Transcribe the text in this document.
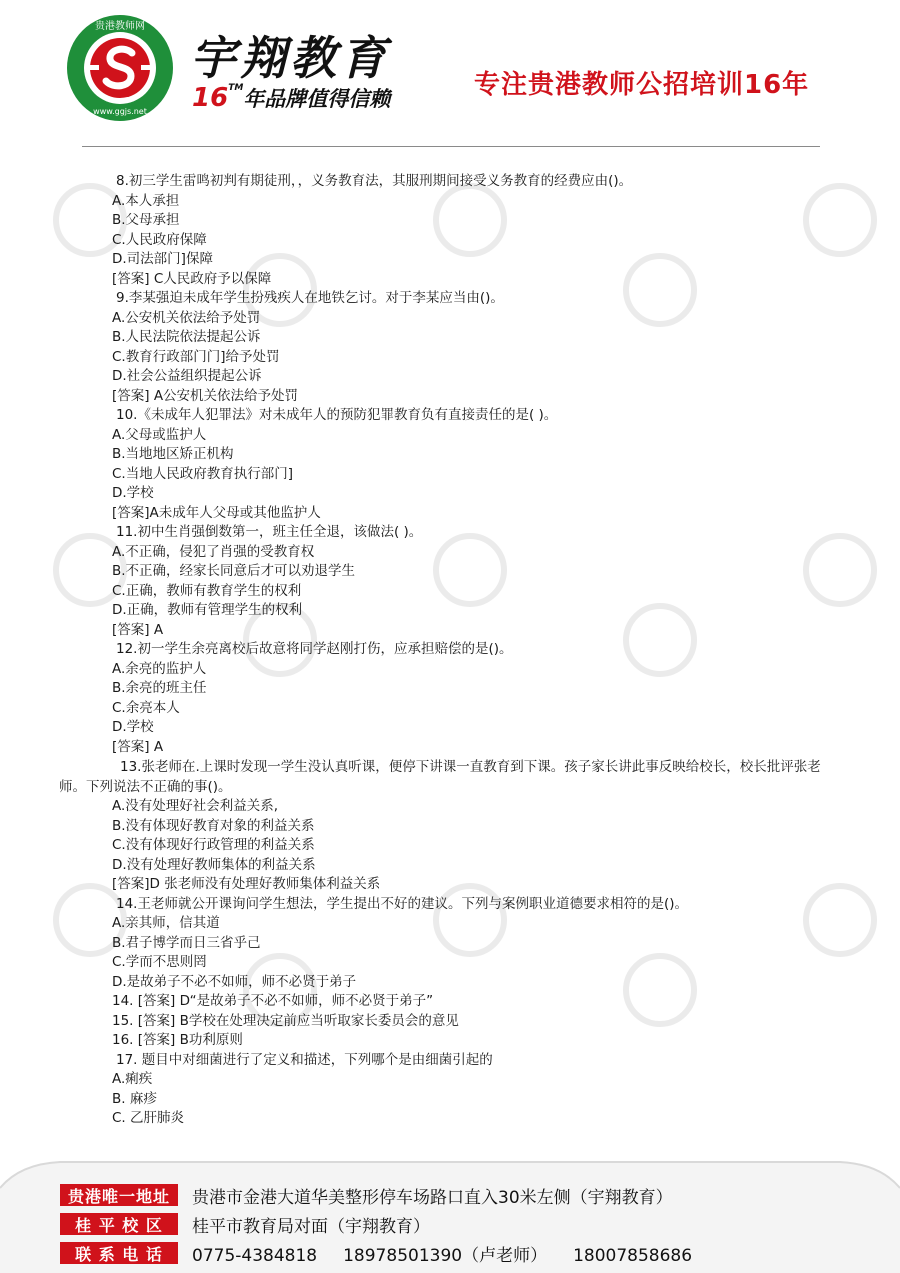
贵港教师网
www.ggjs.net
宇翔教育
16™年品牌值得信赖	专注贵港教师公招培训16年
8.初三学生雷鸣初判有期徒刑，，义务教育法，其服刑期间接受义务教育的经费应由()。
A.本人承担
B.父母承担
C.人民政府保障
D.司法部门]保障
[答案] C人民政府予以保障
9.李某强迫未成年学生扮残疾人在地铁乞讨。对于李某应当由()。
A.公安机关依法给予处罚
B.人民法院依法提起公诉
C.教育行政部门门]给予处罚
D.社会公益组织提起公诉
[答案] A公安机关依法给予处罚
10.《未成年人犯罪法》对未成年人的预防犯罪教育负有直接责任的是( )。
A.父母或监护人
B.当地地区矫正机构
C.当地人民政府教育执行部门]
D.学校
[答案]A未成年人父母或其他监护人
11.初中生肖强倒数第一，班主任全退，该做法( )。
A.不正确，侵犯了肖强的受教育权
B.不正确，经家长同意后才可以劝退学生
C.正确，教师有教育学生的权利
D.正确，教师有管理学生的权利
[答案] A
12.初一学生余亮离校后故意将同学赵刚打伤，应承担赔偿的是()。
A.余亮的监护人
B.余亮的班主任
C.余亮本人
D.学校
[答案] A
13.张老师在.上课时发现一学生没认真听课，便停下讲课一直教育到下课。孩子家长讲此事反映给校长，校长批评张老师。下列说法不正确的事()。
A.没有处理好社会利益关系,
B.没有体现好教育对象的利益关系
C.没有体现好行政管理的利益关系
D.没有处理好教师集体的利益关系
[答案]D 张老师没有处理好教师集体利益关系
14.王老师就公开课询问学生想法，学生提出不好的建议。下列与案例职业道德要求相符的是()。
A.亲其师，信其道
B.君子博学而日三省乎己
C.学而不思则罔
D.是故弟子不必不如师，师不必贤于弟子
14. [答案] D“是故弟子不必不如师，师不必贤于弟子”
15. [答案] B学校在处理决定前应当听取家长委员会的意见
16. [答案] B功利原则
17. 题目中对细菌进行了定义和描述，下列哪个是由细菌引起的
A.痢疾
B. 麻疹
C. 乙肝肺炎
贵港唯一地址	贵港市金港大道华美整形停车场路口直入30米左侧（宇翔教育）
桂 平 校 区	桂平市教育局对面（宇翔教育）
联 系 电 话	0775-4384818 18978501390（卢老师） 18007858686
